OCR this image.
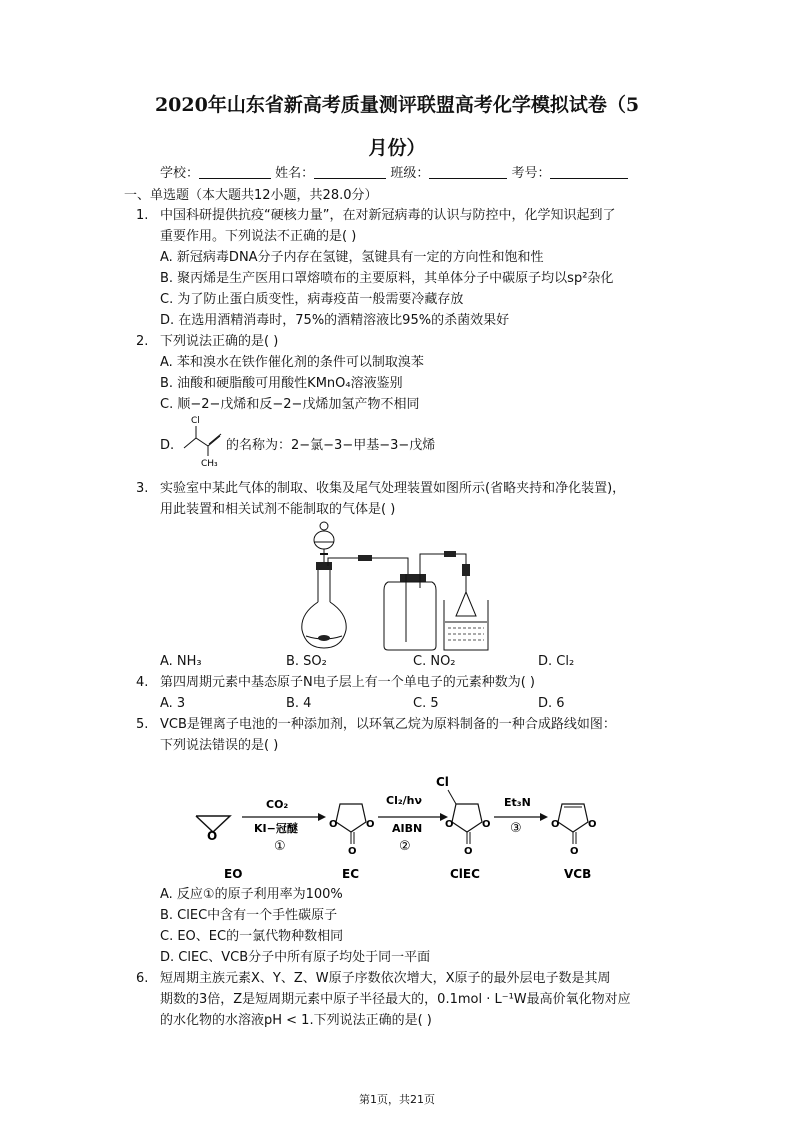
2020年山东省新高考质量测评联盟高考化学模拟试卷（5
月份）
学校：	姓名：	班级：	考号：
一、单选题（本大题共12小题，共28.0分）
1. 中国科研提供抗疫“硬核力量”，在对新冠病毒的认识与防控中，化学知识起到了
重要作用。下列说法不正确的是( )
A. 新冠病毒DNA分子内存在氢键，氢键具有一定的方向性和饱和性
B. 聚丙烯是生产医用口罩熔喷布的主要原料，其单体分子中碳原子均以sp²杂化
C. 为了防止蛋白质变性，病毒疫苗一般需要冷藏存放
D. 在选用酒精消毒时，75%的酒精溶液比95%的杀菌效果好
2. 下列说法正确的是( )
A. 苯和溴水在铁作催化剂的条件可以制取溴苯
B. 油酸和硬脂酸可用酸性KMnO₄溶液鉴别
C. 顺−2−戊烯和反−2−戊烯加氢产物不相同
D.
Cl
CH₃
的名称为：2−氯−3−甲基−3−戊烯
3. 实验室中某此气体的制取、收集及尾气处理装置如图所示(省略夹持和净化装置)，
用此装置和相关试剂不能制取的气体是( )
A. NH₃	B. SO₂	C. NO₂	D. Cl₂
4. 第四周期元素中基态原子N电子层上有一个单电子的元素种数为( )
A. 3	B. 4	C. 5	D. 6
5. VCB是锂离子电池的一种添加剂，以环氧乙烷为原料制备的一种合成路线如图：
下列说法错误的是( )
O
CO₂
KI−冠醚
①
O	O
O
Cl₂/hν
AIBN
②
Cl
O	O
O
Et₃N
③	O	O
O
EO	EC	ClEC	VCB
A. 反应①的原子利用率为100%
B. ClEC中含有一个手性碳原子
C. EO、EC的一氯代物种数相同
D. ClEC、VCB分子中所有原子均处于同一平面
6. 短周期主族元素X、Y、Z、W原子序数依次增大，X原子的最外层电子数是其周
期数的3倍，Z是短周期元素中原子半径最大的，0.1mol · L⁻¹W最高价氧化物对应
的水化物的水溶液pH < 1.下列说法正确的是( )
第1页，共21页
